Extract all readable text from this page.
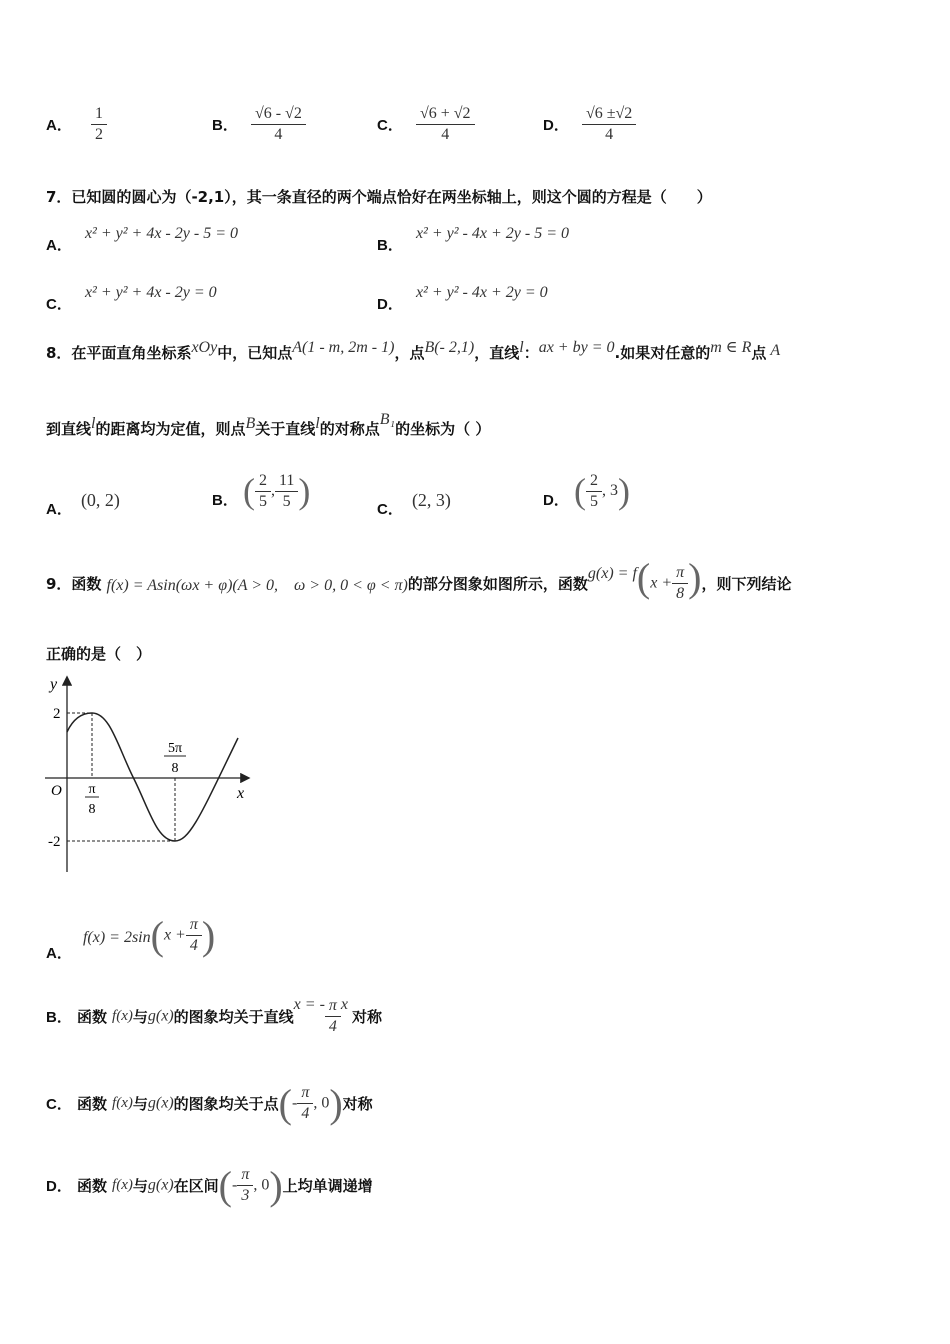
A． $\frac{1}{2}$	B． $\frac{√6 - √2}{4}$	C． $\frac{√6 + √2}{4}$	D． $\frac{√6 \pm√2}{4}$
7．已知圆的圆心为（-2,1），其一条直径的两个端点恰好在两坐标轴上，则这个圆的方程是（　　）
A． x² + y² + 4x - 2y - 5 = 0
B． x² + y² - 4x + 2y - 5 = 0
C． x² + y² + 4x - 2y = 0
D． x² + y² - 4x + 2y = 0
8．在平面直角坐标系xOy中，已知点A(1 - m, 2m - 1)，点B(- 2,1)，直线l：ax + by = 0.如果对任意的m ∈ R点 A
到直线l的距离均为定值，则点B关于直线l的对称点B₁的坐标为（ ）
A． (0, 2)	B． ( $\frac{2}{5}$ , $\frac{11}{5}$ )	C． (2, 3)	D． ( $\frac{2}{5}$ , 3)
9．函数 f(x) = Asin(ωx + φ)(A > 0,　ω > 0, 0 < φ < π)的部分图象如图所示，函数$g(x) = f(x + \frac{\pi}{8}$ )，则下列结论
正确的是（　）
y
x
O
2
-2
π
8
5π
8
A． $f(x) = 2\sin(x + \frac{\pi}{4}$ )
B． 函数 f(x)与g(x)的图象均关于直线x = - $\frac{\pi}{4}$ x对称
C． 函数 f(x)与g(x)的图象均关于点(- $\frac{\pi}{4}$ , 0)对称
D． 函数 f(x)与g(x)在区间(- $\frac{\pi}{3}$ , 0)上均单调递增
